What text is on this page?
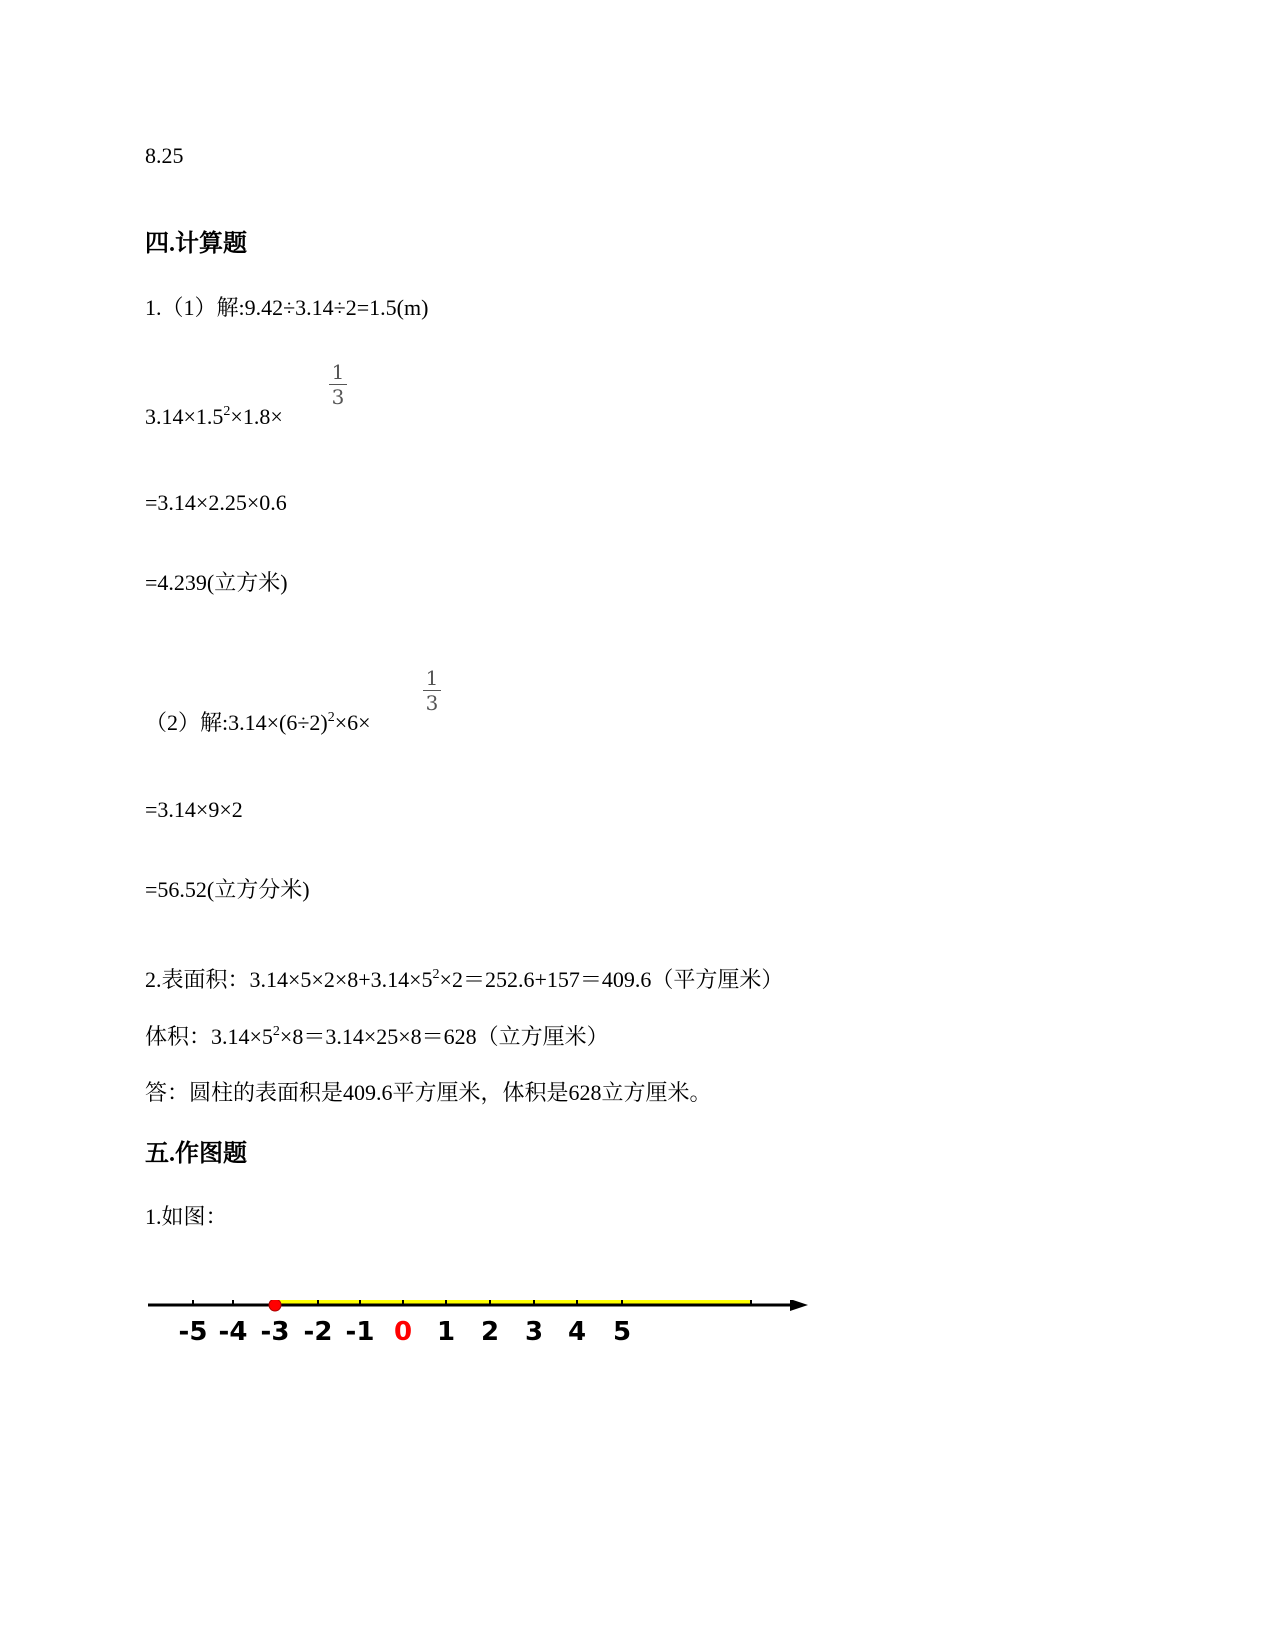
8.25
四.计算题
1.（1）解:9.42÷3.14÷2=1.5(m)
$3.14\times 1.5^2\times 1.8\times$
1
3
=3.14×2.25×0.6
=4.239(立方米)
（2）解$:3.14\times(6\div 2)^2\times 6\times$
1
3
=3.14×9×2
=56.52(立方分米)
2.表面积：$3.14\times 5\times 2\times 8+3.14\times 5^2\times 2=252.6+157=409.6$（平方厘米）
体积：$3.14\times 5^2\times 8=3.14\times 25\times 8=628$（立方厘米）
答：圆柱的表面积是409.6平方厘米，体积是628立方厘米。
五.作图题
1.如图：
-5 -4 -3 -2 -1 0 1 2 3 4 5
